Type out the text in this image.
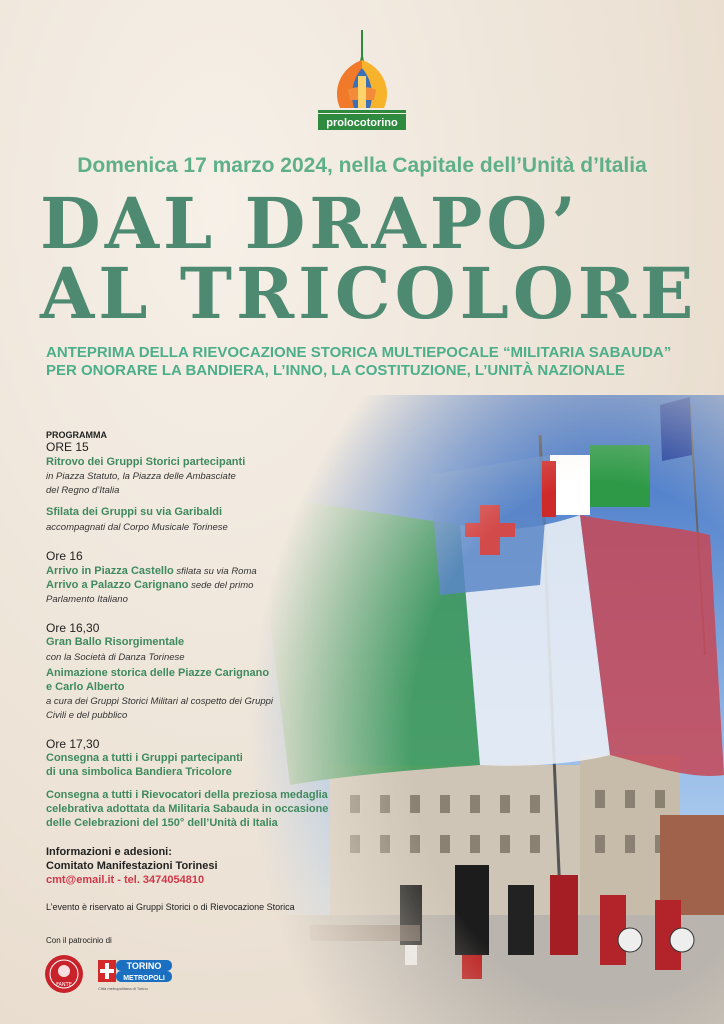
prolocotorino
Domenica 17 marzo 2024, nella Capitale dell’Unità d’Italia
DAL DRAPO’
AL TRICOLORE
ANTEPRIMA DELLA RIEVOCAZIONE STORICA MULTIEPOCALE “MILITARIA SABAUDA”
PER ONORARE LA BANDIERA, L’INNO, LA COSTITUZIONE, L’UNITÀ NAZIONALE
PROGRAMMA
ORE 15
Ritrovo dei Gruppi Storici partecipanti
in Piazza Statuto, la Piazza delle Ambasciate
del Regno d’Italia
Sfilata dei Gruppi su via Garibaldi
accompagnati dal Corpo Musicale Torinese
Ore 16
Arrivo in Piazza Castello sfilata su via Roma
Arrivo a Palazzo Carignano sede del primo
Parlamento Italiano
Ore 16,30
Gran Ballo Risorgimentale
con la Società di Danza Torinese
Animazione storica delle Piazze Carignano
e Carlo Alberto
a cura dei Gruppi Storici Militari al cospetto dei Gruppi
Civili e del pubblico
Ore 17,30
Consegna a tutti i Gruppi partecipanti
di una simbolica Bandiera Tricolore
Consegna a tutti i Rievocatori della preziosa medaglia
celebrativa adottata da Militaria Sabauda in occasione
delle Celebrazioni del 150° dell’Unità di Italia
Informazioni e adesioni:
Comitato Manifestazioni Torinesi
cmt@email.it - tel. 3474054810
L’evento è riservato ai Gruppi Storici o di Rievocazione Storica
Con il patrocinio di
FANTE
TORINO
METROPOLI
Città metropolitana di Torino
